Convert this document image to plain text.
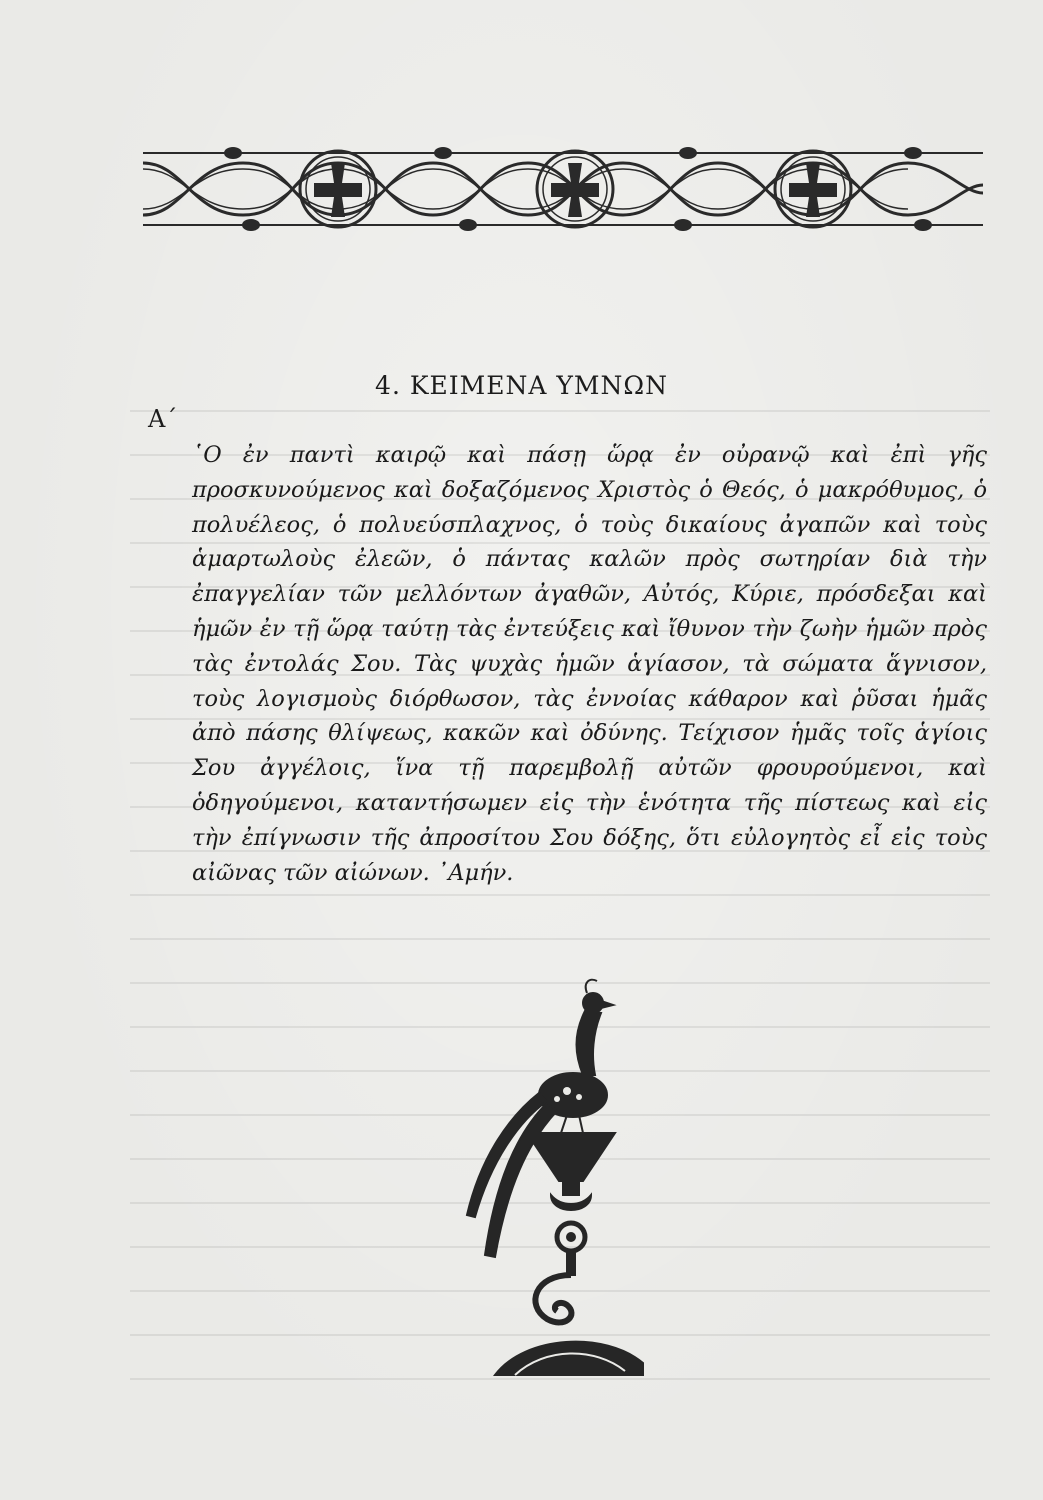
4. ΚΕΙΜΕΝΑ ΥΜΝΩΝ
Α΄

῾Ο ἐν παντὶ καιρῷ καὶ πάσῃ ὥρᾳ ἐν οὐρανῷ καὶ ἐπὶ γῆς προσκυνούμενος καὶ δοξαζόμενος Χριστὸς ὁ Θεός, ὁ μακρόθυμος, ὁ πολυέλεος, ὁ πολυεύσπλαχνος, ὁ τοὺς δικαίους ἀγαπῶν καὶ τοὺς ἁμαρτωλοὺς ἐλεῶν, ὁ πάντας καλῶν πρὸς σωτηρίαν διὰ τὴν ἐπαγγελίαν τῶν μελλόντων ἀγαθῶν, Αὐτός, Κύριε, πρόσδεξαι καὶ ἡμῶν ἐν τῇ ὥρᾳ ταύτῃ τὰς ἐντεύξεις καὶ ἴθυνον τὴν ζωὴν ἡμῶν πρὸς τὰς ἐντολάς Σου. Τὰς ψυχὰς ἡμῶν ἁγίασον, τὰ σώματα ἅγνισον, τοὺς λογισμοὺς διόρθωσον, τὰς ἐννοίας κάθαρον καὶ ῥῦσαι ἡμᾶς ἀπὸ πάσης θλίψεως, κακῶν καὶ ὀδύνης. Τείχισον ἡμᾶς τοῖς ἁγίοις Σου ἀγγέλοις, ἵνα τῇ παρεμβολῇ αὐτῶν φρουρούμενοι, καὶ ὁδηγούμενοι, καταντήσωμεν εἰς τὴν ἑνότητα τῆς πίστεως καὶ εἰς τὴν ἐπίγνωσιν τῆς ἀπροσίτου Σου δόξης, ὅτι εὐλογητὸς εἶ εἰς τοὺς αἰῶνας τῶν αἰώνων. ᾿Αμήν.
